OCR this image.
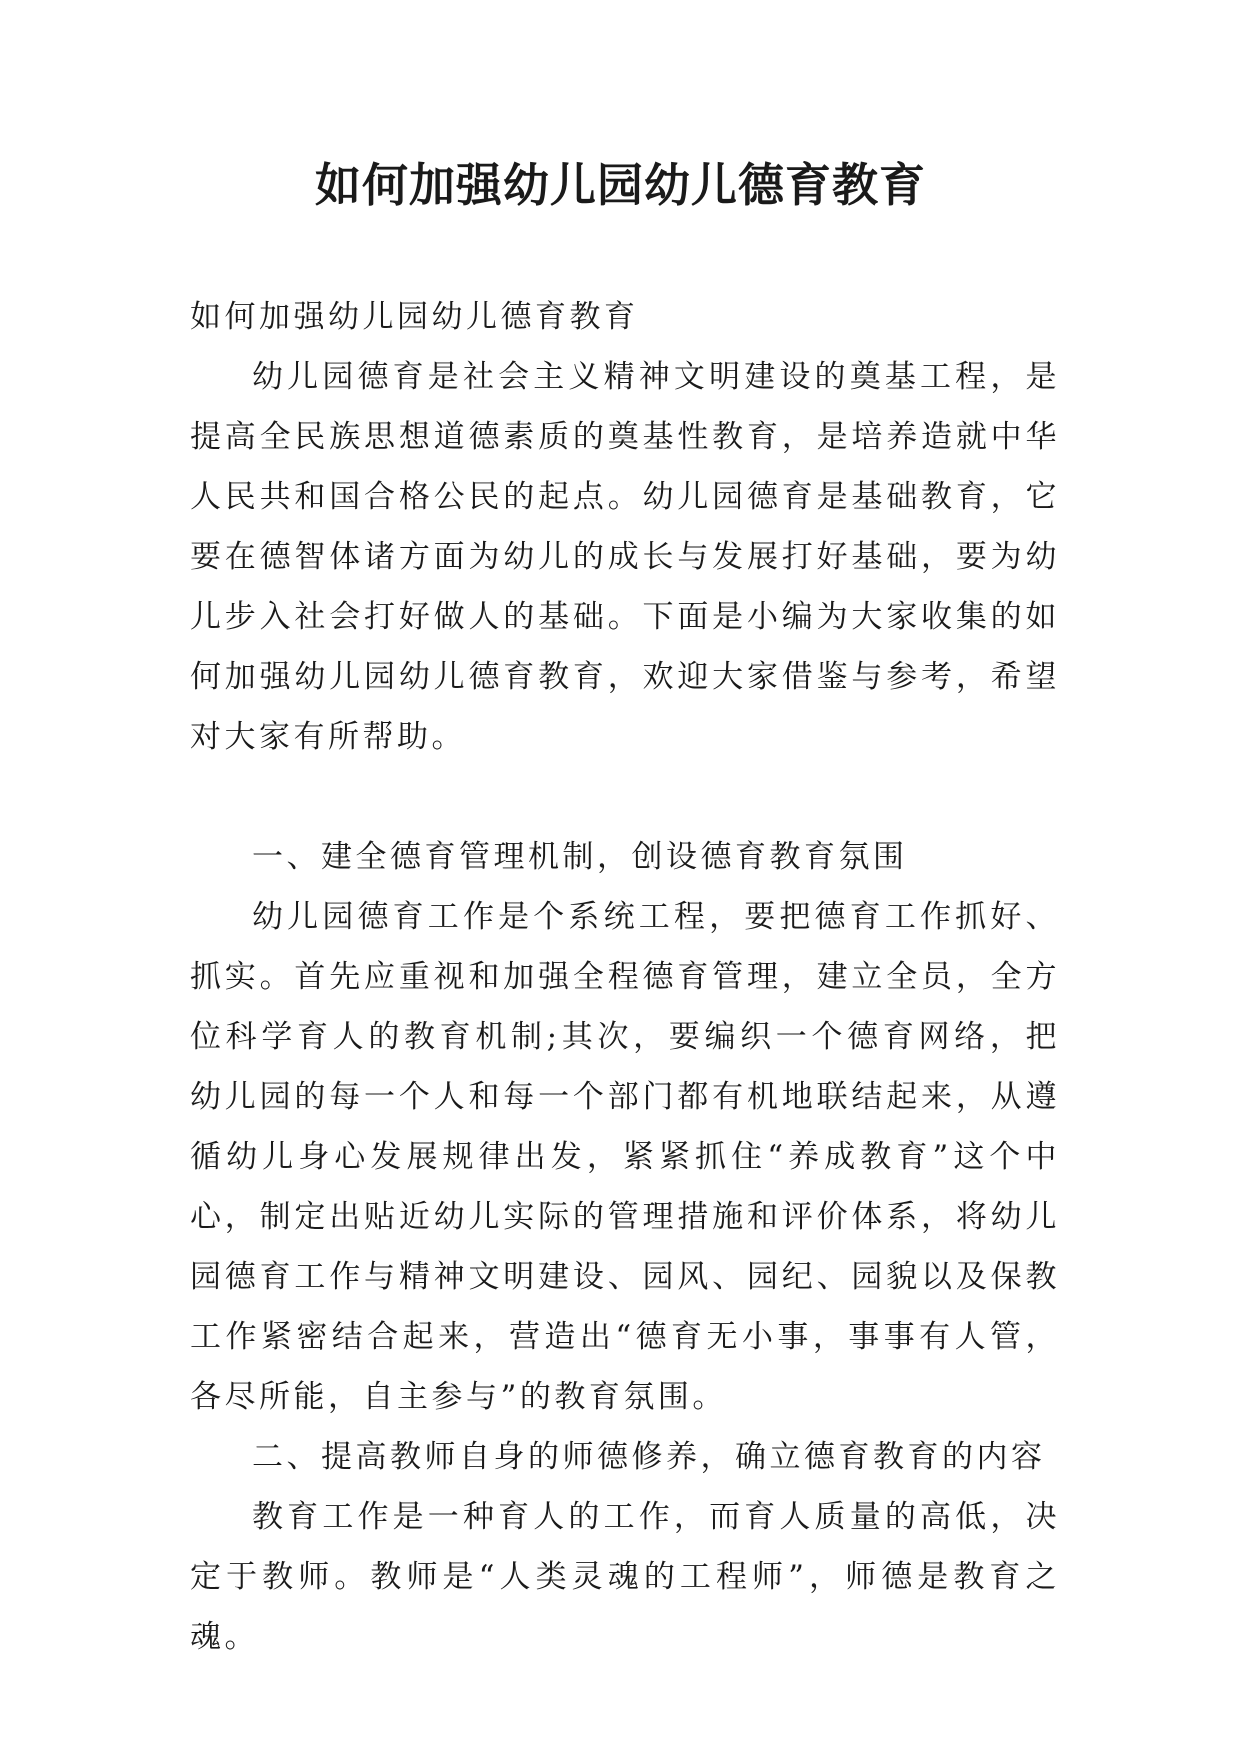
如何加强幼儿园幼儿德育教育

如何加强幼儿园幼儿德育教育

幼儿园德育是社会主义精神文明建设的奠基工程，是提高全民族思想道德素质的奠基性教育，是培养造就中华人民共和国合格公民的起点。幼儿园德育是基础教育，它要在德智体诸方面为幼儿的成长与发展打好基础，要为幼儿步入社会打好做人的基础。下面是小编为大家收集的如何加强幼儿园幼儿德育教育，欢迎大家借鉴与参考，希望对大家有所帮助。

一、建全德育管理机制，创设德育教育氛围

幼儿园德育工作是个系统工程，要把德育工作抓好、抓实。首先应重视和加强全程德育管理，建立全员，全方位科学育人的教育机制;其次，要编织一个德育网络，把幼儿园的每一个人和每一个部门都有机地联结起来，从遵循幼儿身心发展规律出发，紧紧抓住“养成教育”这个中心，制定出贴近幼儿实际的管理措施和评价体系，将幼儿园德育工作与精神文明建设、园风、园纪、园貌以及保教工作紧密结合起来，营造出“德育无小事，事事有人管，各尽所能，自主参与”的教育氛围。

二、提高教师自身的师德修养，确立德育教育的内容

教育工作是一种育人的工作，而育人质量的高低，决定于教师。教师是“人类灵魂的工程师”，师德是教育之魂。
